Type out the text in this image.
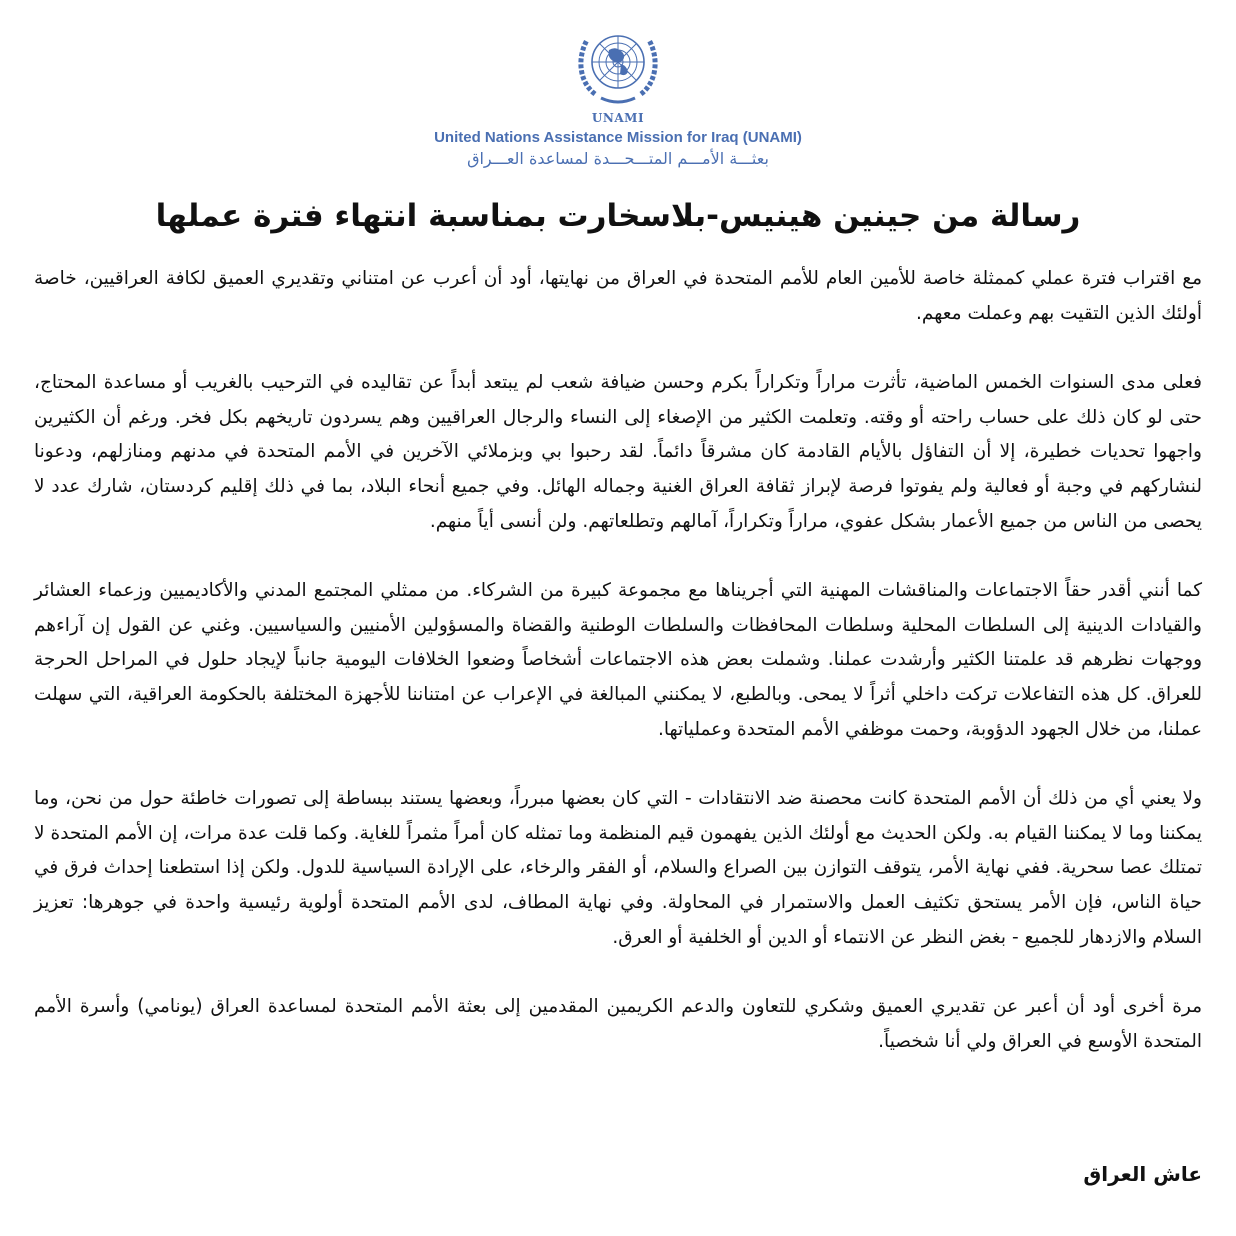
UNAMI
United Nations Assistance Mission for Iraq (UNAMI)
بعثـــة الأمـــم المتـــحـــدة لمساعدة العـــراق
رسالة من جينين هينيس-بلاسخارت بمناسبة انتهاء فترة عملها

مع اقتراب فترة عملي كممثلة خاصة للأمين العام للأمم المتحدة في العراق من نهايتها، أود أن أعرب عن امتناني وتقديري العميق لكافة العراقيين، خاصة أولئك الذين التقيت بهم وعملت معهم.

فعلى مدى السنوات الخمس الماضية، تأثرت مراراً وتكراراً بكرم وحسن ضيافة شعب لم يبتعد أبداً عن تقاليده في الترحيب بالغريب أو مساعدة المحتاج، حتى لو كان ذلك على حساب راحته أو وقته. وتعلمت الكثير من الإصغاء إلى النساء والرجال العراقيين وهم يسردون تاريخهم بكل فخر. ورغم أن الكثيرين واجهوا تحديات خطيرة، إلا أن التفاؤل بالأيام القادمة كان مشرقاً دائماً. لقد رحبوا بي وبزملائي الآخرين في الأمم المتحدة في مدنهم ومنازلهم، ودعونا لنشاركهم في وجبة أو فعالية ولم يفوتوا فرصة لإبراز ثقافة العراق الغنية وجماله الهائل. وفي جميع أنحاء البلاد، بما في ذلك إقليم كردستان، شارك عدد لا يحصى من الناس من جميع الأعمار بشكل عفوي، مراراً وتكراراً، آمالهم وتطلعاتهم. ولن أنسى أياً منهم.

كما أنني أقدر حقاً الاجتماعات والمناقشات المهنية التي أجريناها مع مجموعة كبيرة من الشركاء. من ممثلي المجتمع المدني والأكاديميين وزعماء العشائر والقيادات الدينية إلى السلطات المحلية وسلطات المحافظات والسلطات الوطنية والقضاة والمسؤولين الأمنيين والسياسيين. وغني عن القول إن آراءهم ووجهات نظرهم قد علمتنا الكثير وأرشدت عملنا. وشملت بعض هذه الاجتماعات أشخاصاً وضعوا الخلافات اليومية جانباً لإيجاد حلول في المراحل الحرجة للعراق. كل هذه التفاعلات تركت داخلي أثراً لا يمحى. وبالطبع، لا يمكنني المبالغة في الإعراب عن امتناننا للأجهزة المختلفة بالحكومة العراقية، التي سهلت عملنا، من خلال الجهود الدؤوبة، وحمت موظفي الأمم المتحدة وعملياتها.

ولا يعني أي من ذلك أن الأمم المتحدة كانت محصنة ضد الانتقادات - التي كان بعضها مبرراً، وبعضها يستند ببساطة إلى تصورات خاطئة حول من نحن، وما يمكننا وما لا يمكننا القيام به. ولكن الحديث مع أولئك الذين يفهمون قيم المنظمة وما تمثله كان أمراً مثمراً للغاية. وكما قلت عدة مرات، إن الأمم المتحدة لا تمتلك عصا سحرية. ففي نهاية الأمر، يتوقف التوازن بين الصراع والسلام، أو الفقر والرخاء، على الإرادة السياسية للدول. ولكن إذا استطعنا إحداث فرق في حياة الناس، فإن الأمر يستحق تكثيف العمل والاستمرار في المحاولة. وفي نهاية المطاف، لدى الأمم المتحدة أولوية رئيسية واحدة في جوهرها: تعزيز السلام والازدهار للجميع - بغض النظر عن الانتماء أو الدين أو الخلفية أو العرق.

مرة أخرى أود أن أعبر عن تقديري العميق وشكري للتعاون والدعم الكريمين المقدمين إلى بعثة الأمم المتحدة لمساعدة العراق (يونامي) وأسرة الأمم المتحدة الأوسع في العراق ولي أنا شخصياً.

عاش العراق
